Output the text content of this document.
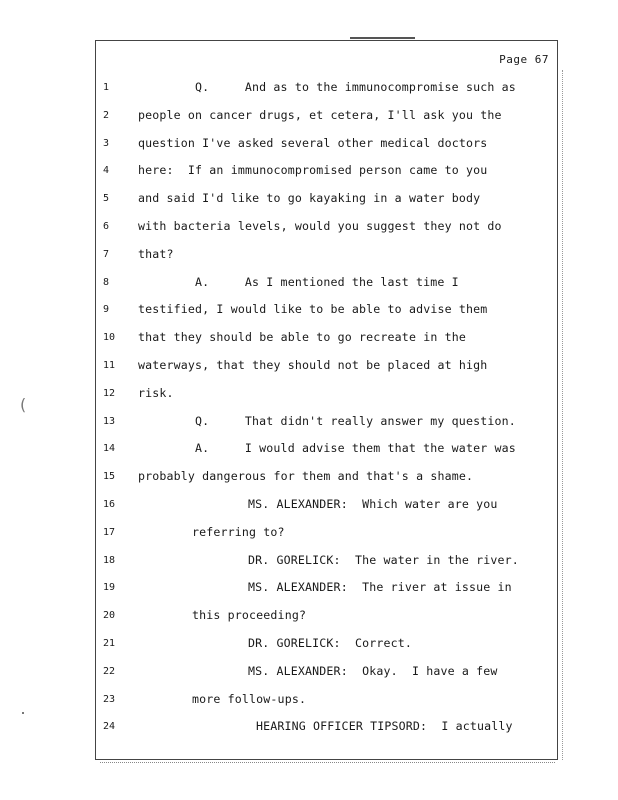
Page 67
1	Q.     And as to the immunocompromise such as
2	people on cancer drugs, et cetera, I'll ask you the
3	question I've asked several other medical doctors
4	here:  If an immunocompromised person came to you
5	and said I'd like to go kayaking in a water body
6	with bacteria levels, would you suggest they not do
7	that?
8	A.     As I mentioned the last time I
9	testified, I would like to be able to advise them
10	that they should be able to go recreate in the
11	waterways, that they should not be placed at high
12	risk.
13	Q.     That didn't really answer my question.
14	A.     I would advise them that the water was
15	probably dangerous for them and that's a shame.
16	MS. ALEXANDER:  Which water are you
17	referring to?
18	DR. GORELICK:  The water in the river.
19	MS. ALEXANDER:  The river at issue in
20	this proceeding?
21	DR. GORELICK:  Correct.
22	MS. ALEXANDER:  Okay.  I have a few
23	more follow-ups.
24	HEARING OFFICER TIPSORD:  I actually
(
